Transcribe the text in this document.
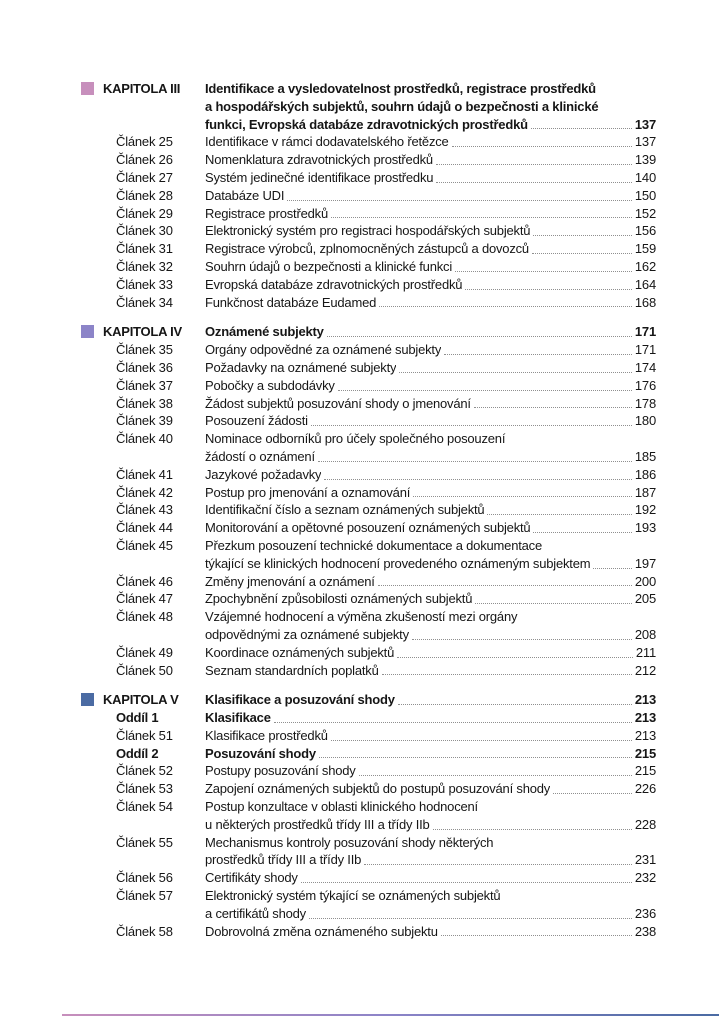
KAPITOLA III	Identifikace a vysledovatelnost prostředků, registrace prostředků
a hospodářských subjektů, souhrn údajů o bezpečnosti a klinické
funkci, Evropská databáze zdravotnických prostředků	137
Článek 25	Identifikace v rámci dodavatelského řetězce	137
Článek 26	Nomenklatura zdravotnických prostředků	139
Článek 27	Systém jedinečné identifikace prostředku	140
Článek 28	Databáze UDI	150
Článek 29	Registrace prostředků	152
Článek 30	Elektronický systém pro registraci hospodářských subjektů	156
Článek 31	Registrace výrobců, zplnomocněných zástupců a dovozců	159
Článek 32	Souhrn údajů o bezpečnosti a klinické funkci	162
Článek 33	Evropská databáze zdravotnických prostředků	164
Článek 34	Funkčnost databáze Eudamed	168
KAPITOLA IV	Oznámené subjekty	171
Článek 35	Orgány odpovědné za oznámené subjekty	171
Článek 36	Požadavky na oznámené subjekty	174
Článek 37	Pobočky a subdodávky	176
Článek 38	Žádost subjektů posuzování shody o jmenování	178
Článek 39	Posouzení žádosti	180
Článek 40	Nominace odborníků pro účely společného posouzení
žádostí o oznámení	185
Článek 41	Jazykové požadavky	186
Článek 42	Postup pro jmenování a oznamování	187
Článek 43	Identifikační číslo a seznam oznámených subjektů	192
Článek 44	Monitorování a opětovné posouzení oznámených subjektů	193
Článek 45	Přezkum posouzení technické dokumentace a dokumentace
týkající se klinických hodnocení provedeného oznámeným subjektem	197
Článek 46	Změny jmenování a oznámení	200
Článek 47	Zpochybnění způsobilosti oznámených subjektů	205
Článek 48	Vzájemné hodnocení a výměna zkušeností mezi orgány
odpovědnými za oznámené subjekty	208
Článek 49	Koordinace oznámených subjektů	211
Článek 50	Seznam standardních poplatků	212
KAPITOLA V	Klasifikace a posuzování shody	213
Oddíl 1	Klasifikace	213
Článek 51	Klasifikace prostředků	213
Oddíl 2	Posuzování shody	215
Článek 52	Postupy posuzování shody	215
Článek 53	Zapojení oznámených subjektů do postupů posuzování shody	226
Článek 54	Postup konzultace v oblasti klinického hodnocení
u některých prostředků třídy III a třídy IIb	228
Článek 55	Mechanismus kontroly posuzování shody některých
prostředků třídy III a třídy IIb	231
Článek 56	Certifikáty shody	232
Článek 57	Elektronický systém týkající se oznámených subjektů
a certifikátů shody	236
Článek 58	Dobrovolná změna oznámeného subjektu	238
